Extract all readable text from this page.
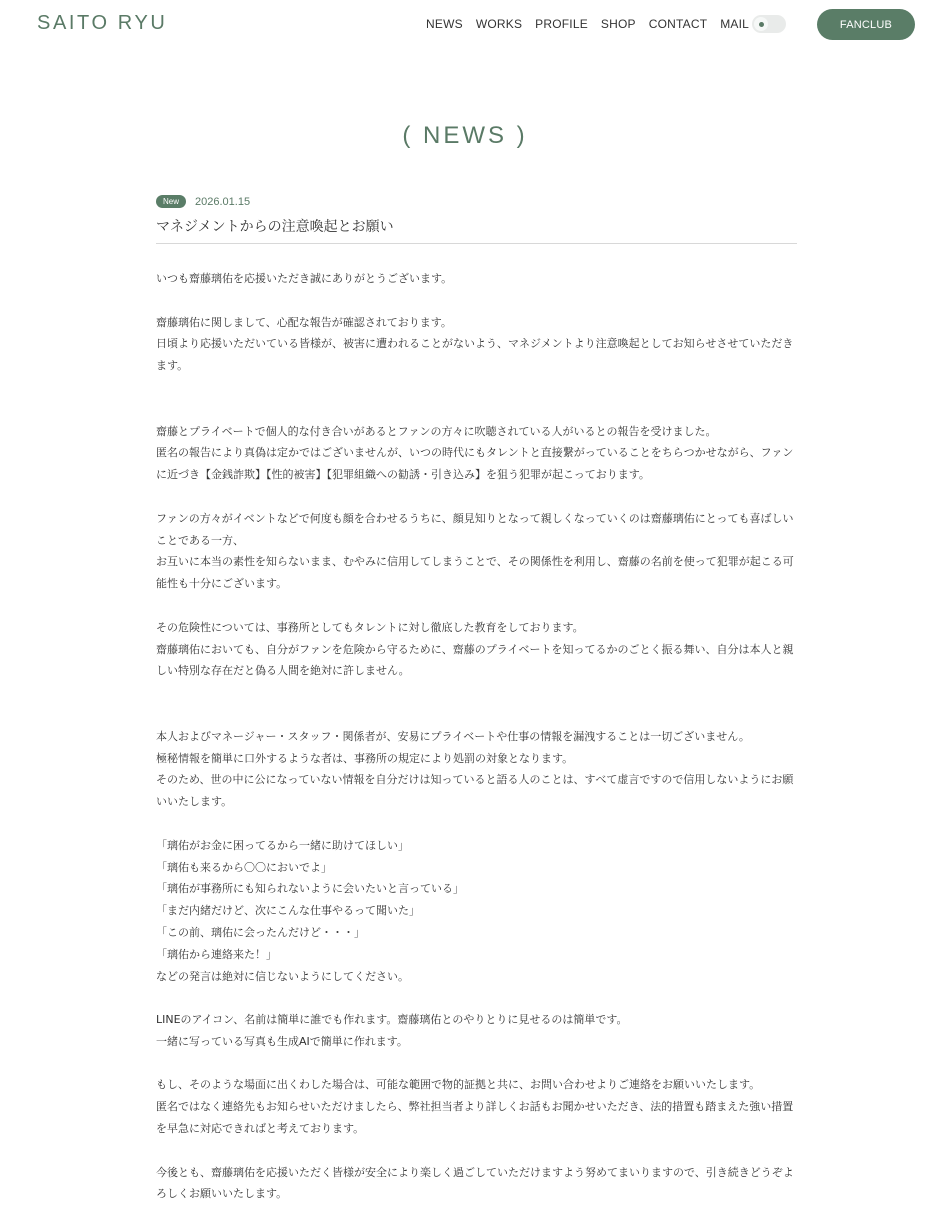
SAITO RYU	NEWS WORKS PROFILE SHOP CONTACT MAIL	FANCLUB
( NEWS )
New	2026.01.15
マネジメントからの注意喚起とお願い

いつも齋藤璃佑を応援いただき誠にありがとうございます。

齋藤璃佑に関しまして、心配な報告が確認されております。

日頃より応援いただいている皆様が、被害に遭われることがないよう、マネジメントより注意喚起としてお知らせさせていただきます。

齋藤とプライベートで個人的な付き合いがあるとファンの方々に吹聴されている人がいるとの報告を受けました。

匿名の報告により真偽は定かではございませんが、いつの時代にもタレントと直接繋がっていることをちらつかせながら、ファンに近づき【金銭詐欺】【性的被害】【犯罪組織への勧誘・引き込み】を狙う犯罪が起こっております。

ファンの方々がイベントなどで何度も顔を合わせるうちに、顔見知りとなって親しくなっていくのは齋藤璃佑にとっても喜ばしいことである一方、

お互いに本当の素性を知らないまま、むやみに信用してしまうことで、その関係性を利用し、齋藤の名前を使って犯罪が起こる可能性も十分にございます。

その危険性については、事務所としてもタレントに対し徹底した教育をしております。

齋藤璃佑においても、自分がファンを危険から守るために、齋藤のプライベートを知ってるかのごとく振る舞い、自分は本人と親しい特別な存在だと偽る人間を絶対に許しません。

本人およびマネージャー・スタッフ・関係者が、安易にプライベートや仕事の情報を漏洩することは一切ございません。

極秘情報を簡単に口外するような者は、事務所の規定により処罰の対象となります。

そのため、世の中に公になっていない情報を自分だけは知っていると語る人のことは、すべて虚言ですので信用しないようにお願いいたします。

「璃佑がお金に困ってるから一緒に助けてほしい」

「璃佑も来るから〇〇においでよ」

「璃佑が事務所にも知られないように会いたいと言っている」

「まだ内緒だけど、次にこんな仕事やるって聞いた」

「この前、璃佑に会ったんだけど・・・」

「璃佑から連絡来た！」

などの発言は絶対に信じないようにしてください。

LINEのアイコン、名前は簡単に誰でも作れます。齋藤璃佑とのやりとりに見せるのは簡単です。

一緒に写っている写真も生成AIで簡単に作れます。

もし、そのような場面に出くわした場合は、可能な範囲で物的証拠と共に、お問い合わせよりご連絡をお願いいたします。

匿名ではなく連絡先もお知らせいただけましたら、弊社担当者より詳しくお話もお聞かせいただき、法的措置も踏まえた強い措置を早急に対応できればと考えております。

今後とも、齋藤璃佑を応援いただく皆様が安全により楽しく過ごしていただけますよう努めてまいりますので、引き続きどうぞよろしくお願いいたします。
